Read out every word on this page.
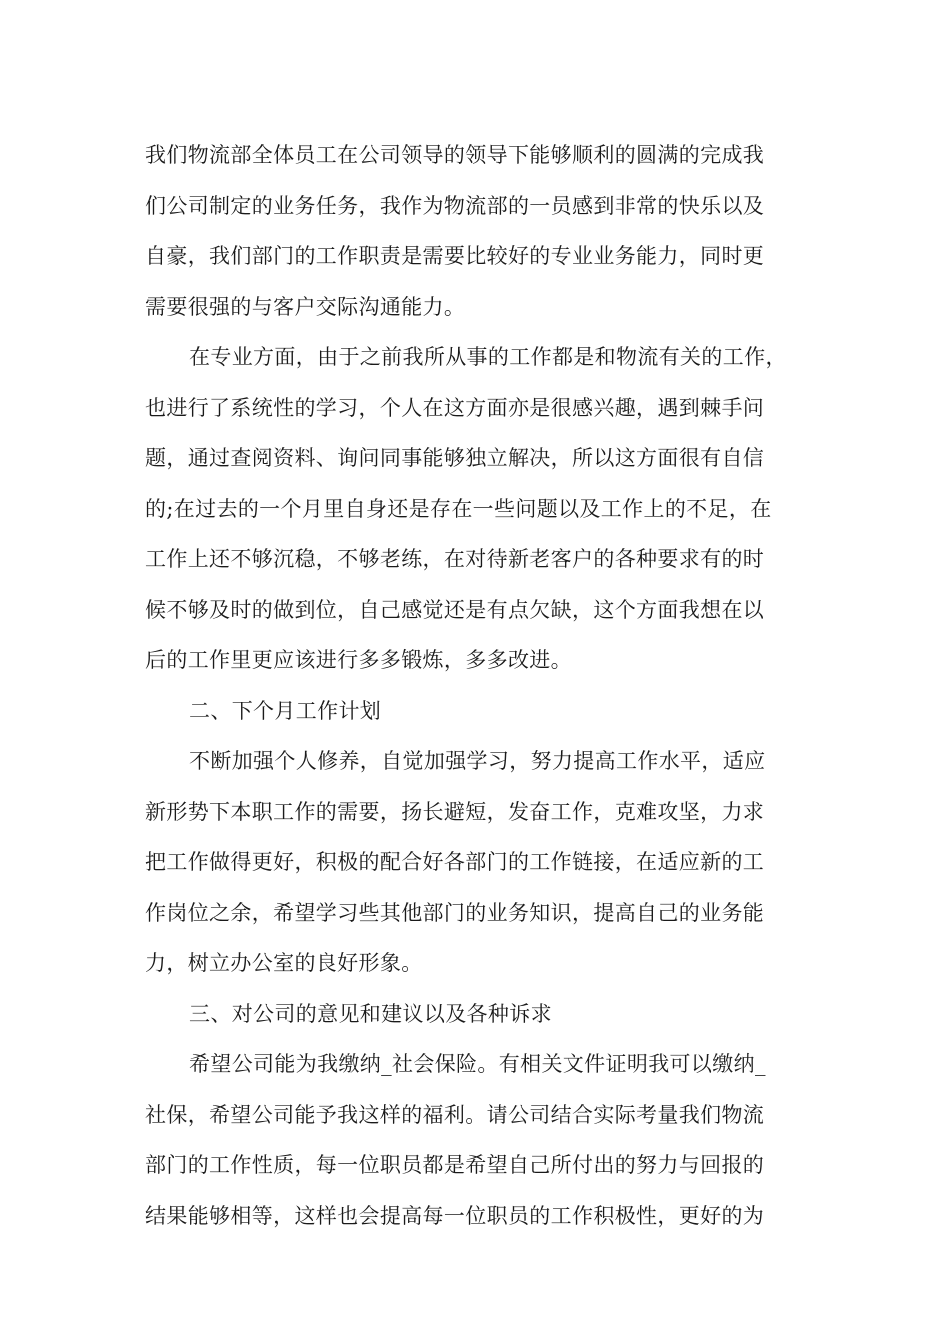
我们物流部全体员工在公司领导的领导下能够顺利的圆满的完成我
们公司制定的业务任务，我作为物流部的一员感到非常的快乐以及
自豪，我们部门的工作职责是需要比较好的专业业务能力，同时更
需要很强的与客户交际沟通能力。
在专业方面，由于之前我所从事的工作都是和物流有关的工作，
也进行了系统性的学习，个人在这方面亦是很感兴趣，遇到棘手问
题，通过查阅资料、询问同事能够独立解决，所以这方面很有自信
的;在过去的一个月里自身还是存在一些问题以及工作上的不足，在
工作上还不够沉稳，不够老练，在对待新老客户的各种要求有的时
候不够及时的做到位，自己感觉还是有点欠缺，这个方面我想在以
后的工作里更应该进行多多锻炼，多多改进。
二、下个月工作计划
不断加强个人修养，自觉加强学习，努力提高工作水平，适应
新形势下本职工作的需要，扬长避短，发奋工作，克难攻坚，力求
把工作做得更好，积极的配合好各部门的工作链接，在适应新的工
作岗位之余，希望学习些其他部门的业务知识，提高自己的业务能
力，树立办公室的良好形象。
三、对公司的意见和建议以及各种诉求
希望公司能为我缴纳_社会保险。有相关文件证明我可以缴纳_
社保，希望公司能予我这样的福利。请公司结合实际考量我们物流
部门的工作性质，每一位职员都是希望自己所付出的努力与回报的
结果能够相等，这样也会提高每一位职员的工作积极性，更好的为
